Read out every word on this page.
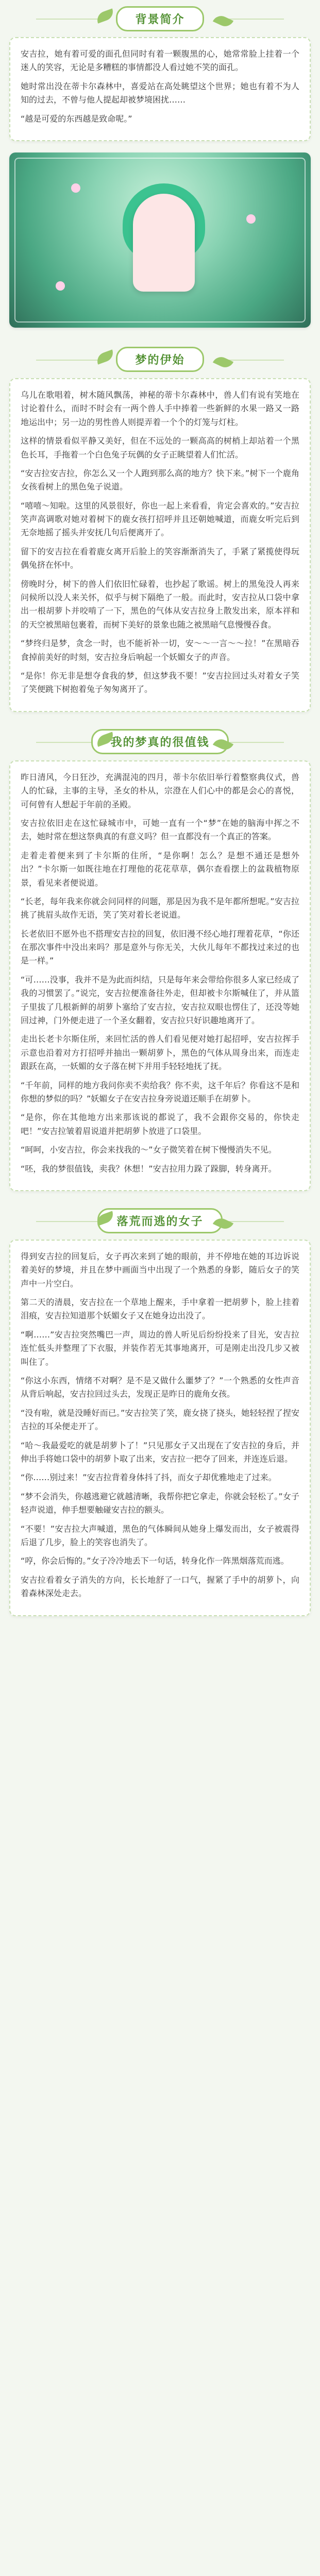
背景简介

安吉拉，她有着可爱的面孔但同时有着一颗腹黑的心，她常常脸上挂着一个迷人的笑容，无论是多糟糕的事情都没人看过她不笑的面孔。

她时常出没在蒂卡尔森林中，喜爱站在高处眺望这个世界；她也有着不为人知的过去，不曾与他人提起却被梦境困扰……

“越是可爱的东西越是致命呢。”

梦的伊始

乌儿在歌唱着，树木随风飘荡，神秘的蒂卡尔森林中，兽人们有说有笑地在讨论着什么，而时不时会有一两个兽人手中捧着一些新鲜的水果一路又一路地运出中；另一边的男性兽人则提弄着一个个的灯笼与灯柱。

这样的情景看似平静又美好，但在不远处的一颗高高的树梢上却站着一个黑色长耳，手拖着一个白色兔子玩偶的女子正眺望着人们忙活。

“安吉拉安吉拉，你怎么又一个人跑到那么高的地方？快下来。”树下一个鹿角女孩看树上的黑色兔子说道。

“嘻嘻～知啦。这里的风景很好，你也一起上来看看，肯定会喜欢的。”安吉拉笑声高调歌对她对着树下的鹿女孩打招呼并且还朝她喊道，而鹿女听完后到无奈地摇了摇头并安抚几句后便离开了。

留下的安吉拉在看着鹿女离开后脸上的笑容渐渐消失了，手紧了紧揽使得玩偶兔挤在怀中。

傍晚时分，树下的兽人们依旧忙碌着，也抄起了歌谣。树上的黑兔没人再来问候所以没人来关怀，似乎与树下隔绝了一般。而此时，安吉拉从口袋中拿出一根胡萝卜并咬啃了一下，黑色的气体从安吉拉身上散发出来，原本祥和的天空被黑暗包裹着，而树下美好的景象也随之被黑暗气息慢慢吞食。

“梦终归是梦，贪念一时，也不能祈补一切，安～～一言～～拉！”在黑暗吞食掉前美好的时刻，安吉拉身后响起一个妖媚女子的声音。

“是你！你无非是想夺食我的梦，但这梦我不要！”安吉拉回过头对着女子笑了笑便跳下树抱着兔子匆匆离开了。

我的梦真的很值钱

昨日清风，今日狂沙，充满混沌的四月，蒂卡尔依旧举行着整察典仪式，兽人的忙碌，主事的主导，圣女的朴从，宗澄在人们心中的都是会心的喜悦，可何曾有人想起于年前的圣殿。

安吉拉依旧走在这忙碌城市中，可她一直有一个“梦”在她的脑海中挥之不去，她时常在想这祭典真的有意义吗？但一直都没有一个真正的答案。

走着走着便来到了卡尔斯的住所，“是你啊！怎么？是想不通还是想外出？”卡尔斯一如既往地在打理他的花花草草，偶尔查看摆上的盆栽植物原景，看见来者便说道。

“长老，每年我来你就会问同样的问题，那是因为我不是年都所想呢。”安吉拉挑了挑眉头故作无语，笑了笑对着长老说道。

长老依旧不愿外也不搭理安吉拉的回复，依旧漫不经心地打理着花草，“你还在那次事件中没出来吗？那是意外与你无关，大伙儿每年不都找过来过的也是一样。”

“可……没事，我并不是为此而纠结，只是每年来会带给你很多人家已经成了我的习惯罢了。”说完，安吉拉便准备往外走，但却被卡尔斯喊住了，并从篮子里拔了几根新鲜的胡萝卜塞给了安吉拉，安吉拉双眼也愣住了，还没等她回过神，门外便走进了一个圣女翻着，安吉拉只好识趣地离开了。

走出长老卡尔斯住所，来回忙活的兽人们看见便对她打起招呼，安吉拉挥手示意也沿着对方打招呼并抽出一颗胡萝卜，黑色的气体从周身出来，而连走跟跃在高，一妖媚的女子落在树下并用手轻轻地抚了抚。

“千年前，同样的地方我问你卖不卖给我？你不卖，这千年后？你看这不是和你想的梦似的吗？”妖媚女子在安吉拉身旁说道还顺手在胡萝卜。

“是你，你在其他地方出来那该说的都说了，我不会跟你交易的，你快走吧！”安吉拉皱着眉说道并把胡萝卜放进了口袋里。

“呵呵，小安吉拉，你会来找我的～”女子微笑着在树下慢慢消失不见。

“呸，我的梦很值钱，卖我？休想！”安吉拉用力跺了跺脚，转身离开。

落荒而逃的女子

得到安吉拉的回复后，女子再次来到了她的眼前，并不停地在她的耳边诉说着美好的梦境，并且在梦中画面当中出现了一个熟悉的身影，随后女子的笑声中一片空白。

第二天的清晨，安吉拉在一个草地上醒来，手中拿着一把胡萝卜，脸上挂着泪痕，安吉拉知道那个妖媚女子又在她身边出没了。

“啊……”安吉拉突然嘴巴一声，周边的兽人听见后纷纷投来了目光，安吉拉连忙低头并整理了下衣服，并装作若无其事地离开，可是刚走出没几步又被叫住了。

“你这小东西，情绪不对啊？是不是又做什么噩梦了？”一个熟悉的女性声音从背后响起，安吉拉回过头去，发现正是昨日的鹿角女孩。

“没有啦，就是没睡好而已。”安吉拉笑了笑，鹿女挠了挠头，她轻轻捏了捏安吉拉的耳朵便走开了。

“哈～我最爱吃的就是胡萝卜了！”只见那女子又出现在了安吉拉的身后，并伸出手将她口袋中的胡萝卜取了出来，安吉拉一把夺了回来，并连连后退。

“你……别过来！”安吉拉背着身体抖了抖，而女子却优雅地走了过来。

“梦不会消失，你越逃避它就越清晰，我帮你把它拿走，你就会轻松了。”女子轻声说道，伸手想要触碰安吉拉的额头。

“不要！”安吉拉大声喊道，黑色的气体瞬间从她身上爆发而出，女子被震得后退了几步，脸上的笑容也消失了。

“哼，你会后悔的。”女子冷冷地丢下一句话，转身化作一阵黑烟落荒而逃。

安吉拉看着女子消失的方向，长长地舒了一口气，握紧了手中的胡萝卜，向着森林深处走去。
